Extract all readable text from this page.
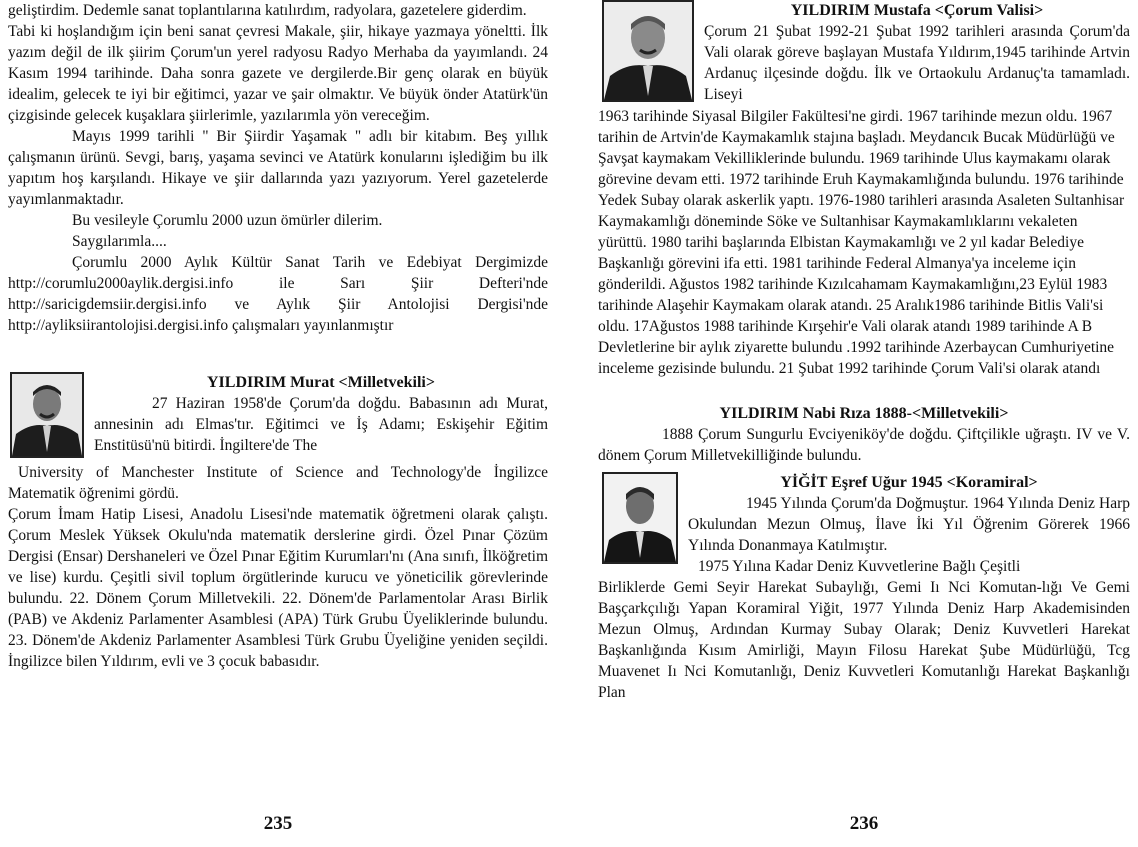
geliştirdim. Dedemle sanat toplantılarına katılırdım, radyolara, gazetelere giderdim.

Tabi ki hoşlandığım için beni sanat çevresi Makale, şiir, hikaye yazmaya yöneltti. İlk yazım değil de ilk şiirim Çorum'un yerel radyosu Radyo Merhaba da yayımlandı. 24 Kasım 1994 tarihinde. Daha sonra gazete ve dergilerde.Bir genç olarak en büyük idealim, gelecek te iyi bir eğitimci, yazar ve şair olmaktır. Ve büyük önder Atatürk'ün çizgisinde gelecek kuşaklara şiirlerimle, yazılarımla yön vereceğim.

Mayıs 1999 tarihli " Bir Şiirdir Yaşamak " adlı bir kitabım. Beş yıllık çalışmanın ürünü. Sevgi, barış, yaşama sevinci ve Atatürk konularını işlediğim bu ilk yapıtım hoş karşılandı. Hikaye ve şiir dallarında yazı yazıyorum. Yerel gazetelerde yayımlanmaktadır.

Bu vesileyle Çorumlu 2000 uzun ömürler dilerim.

Saygılarımla....

Çorumlu 2000 Aylık Kültür Sanat Tarih ve Edebiyat Dergimizde http://corumlu2000aylik.dergisi.info ile Sarı Şiir Defteri'nde http://saricigdemsiir.dergisi.info ve Aylık Şiir Antolojisi Dergisi'nde http://ayliksiirantolojisi.dergisi.info çalışmaları yayınlanmıştır

YILDIRIM Murat <Milletvekili>

27 Haziran 1958'de Çorum'da doğdu. Babasının adı Murat, annesinin adı Elmas'tır. Eğitimci ve İş Adamı; Eskişehir Eğitim Enstitüsü'nü bitirdi. İngiltere'de The

University of Manchester Institute of Science and Technology'de İngilizce Matematik öğrenimi gördü.

Çorum İmam Hatip Lisesi, Anadolu Lisesi'nde matematik öğretmeni olarak çalıştı. Çorum Meslek Yüksek Okulu'nda matematik derslerine girdi. Özel Pınar Çözüm Dergisi (Ensar) Dershaneleri ve Özel Pınar Eğitim Kurumları'nı (Ana sınıfı, İlköğretim ve lise) kurdu. Çeşitli sivil toplum örgütlerinde kurucu ve yöneticilik görevlerinde bulundu. 22. Dönem Çorum Milletvekili. 22. Dönem'de Parlamentolar Arası Birlik (PAB) ve Akdeniz Parlamenter Asamblesi (APA) Türk Grubu Üyeliklerinde bulundu. 23. Dönem'de Akdeniz Parlamenter Asamblesi Türk Grubu Üyeliğine yeniden seçildi. İngilizce bilen Yıldırım, evli ve 3 çocuk babasıdır.

235

YILDIRIM Mustafa <Çorum Valisi>

Çorum 21 Şubat 1992-21 Şubat 1992 tarihleri arasında Çorum'da Vali olarak göreve başlayan Mustafa Yıldırım,1945 tarihinde Artvin Ardanuç ilçesinde doğdu. İlk ve Ortaokulu Ardanuç'ta tamamladı. Liseyi

1963 tarihinde Siyasal Bilgiler Fakültesi'ne girdi. 1967 tarihinde mezun oldu. 1967 tarihin de Artvin'de Kaymakamlık stajına başladı. Meydancık Bucak Müdürlüğü ve Şavşat kaymakam Vekilliklerinde bulundu. 1969 tarihinde Ulus kaymakamı olarak görevine devam etti. 1972 tarihinde Eruh Kaymakamlığında bulundu. 1976 tarihinde Yedek Subay olarak askerlik yaptı. 1976-1980 tarihleri arasında Asaleten Sultanhisar Kaymakamlığı döneminde Söke ve Sultanhisar Kaymakamlıklarını vekaleten yürüttü. 1980 tarihi başlarında Elbistan Kaymakamlığı ve 2 yıl kadar Belediye Başkanlığı görevini ifa etti. 1981 tarihinde Federal Almanya'ya inceleme için gönderildi. Ağustos 1982 tarihinde Kızılcahamam Kaymakamlığını,23 Eylül 1983 tarihinde Alaşehir Kaymakam olarak atandı. 25 Aralık1986 tarihinde Bitlis Vali'si oldu. 17Ağustos 1988 tarihinde Kırşehir'e Vali olarak atandı 1989 tarihinde A B Devletlerine bir aylık ziyarette bulundu .1992 tarihinde Azerbaycan Cumhuriyetine inceleme gezisinde bulundu. 21 Şubat 1992 tarihinde Çorum Vali'si olarak atandı

YILDIRIM Nabi Rıza 1888-<Milletvekili>

1888 Çorum Sungurlu Evciyeniköy'de doğdu. Çiftçilikle uğraştı. IV ve V. dönem Çorum Milletvekilliğinde bulundu.

YİĞİT Eşref Uğur 1945 <Koramiral>

1945 Yılında Çorum'da Doğmuştur. 1964 Yılında Deniz Harp Okulundan Mezun Olmuş, İlave İki Yıl Öğrenim Görerek 1966 Yılında Donanmaya Katılmıştır.

1975 Yılına Kadar Deniz Kuvvetlerine Bağlı Çeşitli

Birliklerde Gemi Seyir Harekat Subaylığı, Gemi Iı Nci Komutan-lığı Ve Gemi Başçarkçılığı Yapan Koramiral Yiğit, 1977 Yılında Deniz Harp Akademisinden Mezun Olmuş, Ardından Kurmay Subay Olarak; Deniz Kuvvetleri Harekat Başkanlığında Kısım Amirliği, Mayın Filosu Harekat Şube Müdürlüğü, Tcg Muavenet Iı Nci Komutanlığı, Deniz Kuvvetleri Komutanlığı Harekat Başkanlığı Plan

236
